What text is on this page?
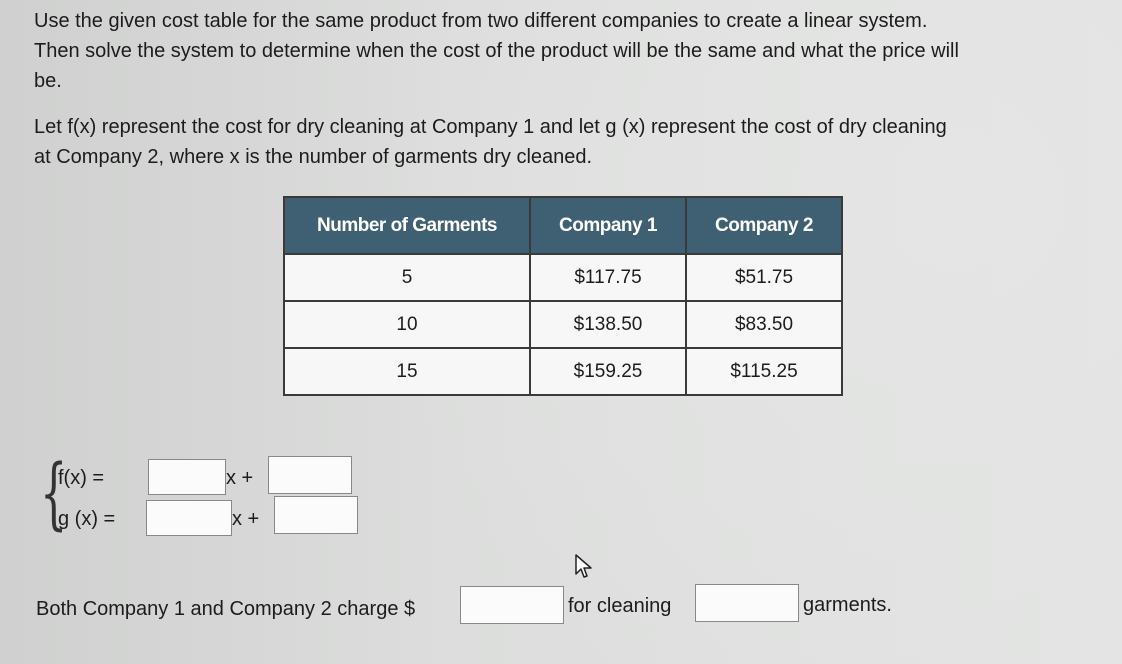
Use the given cost table for the same product from two different companies to create a linear system.
Then solve the system to determine when the cost of the product will be the same and what the price will
be.

Let f(x) represent the cost for dry cleaning at Company 1 and let g (x) represent the cost of dry cleaning
at Company 2, where x is the number of garments dry cleaned.

Number of Garments	Company 1	Company 2
5	$117.75	$51.75
10	$138.50	$83.50
15	$159.25	$115.25
{
f(x) =	x +
g (x) =	x +
Both Company 1 and Company 2 charge $	for cleaning	garments.
